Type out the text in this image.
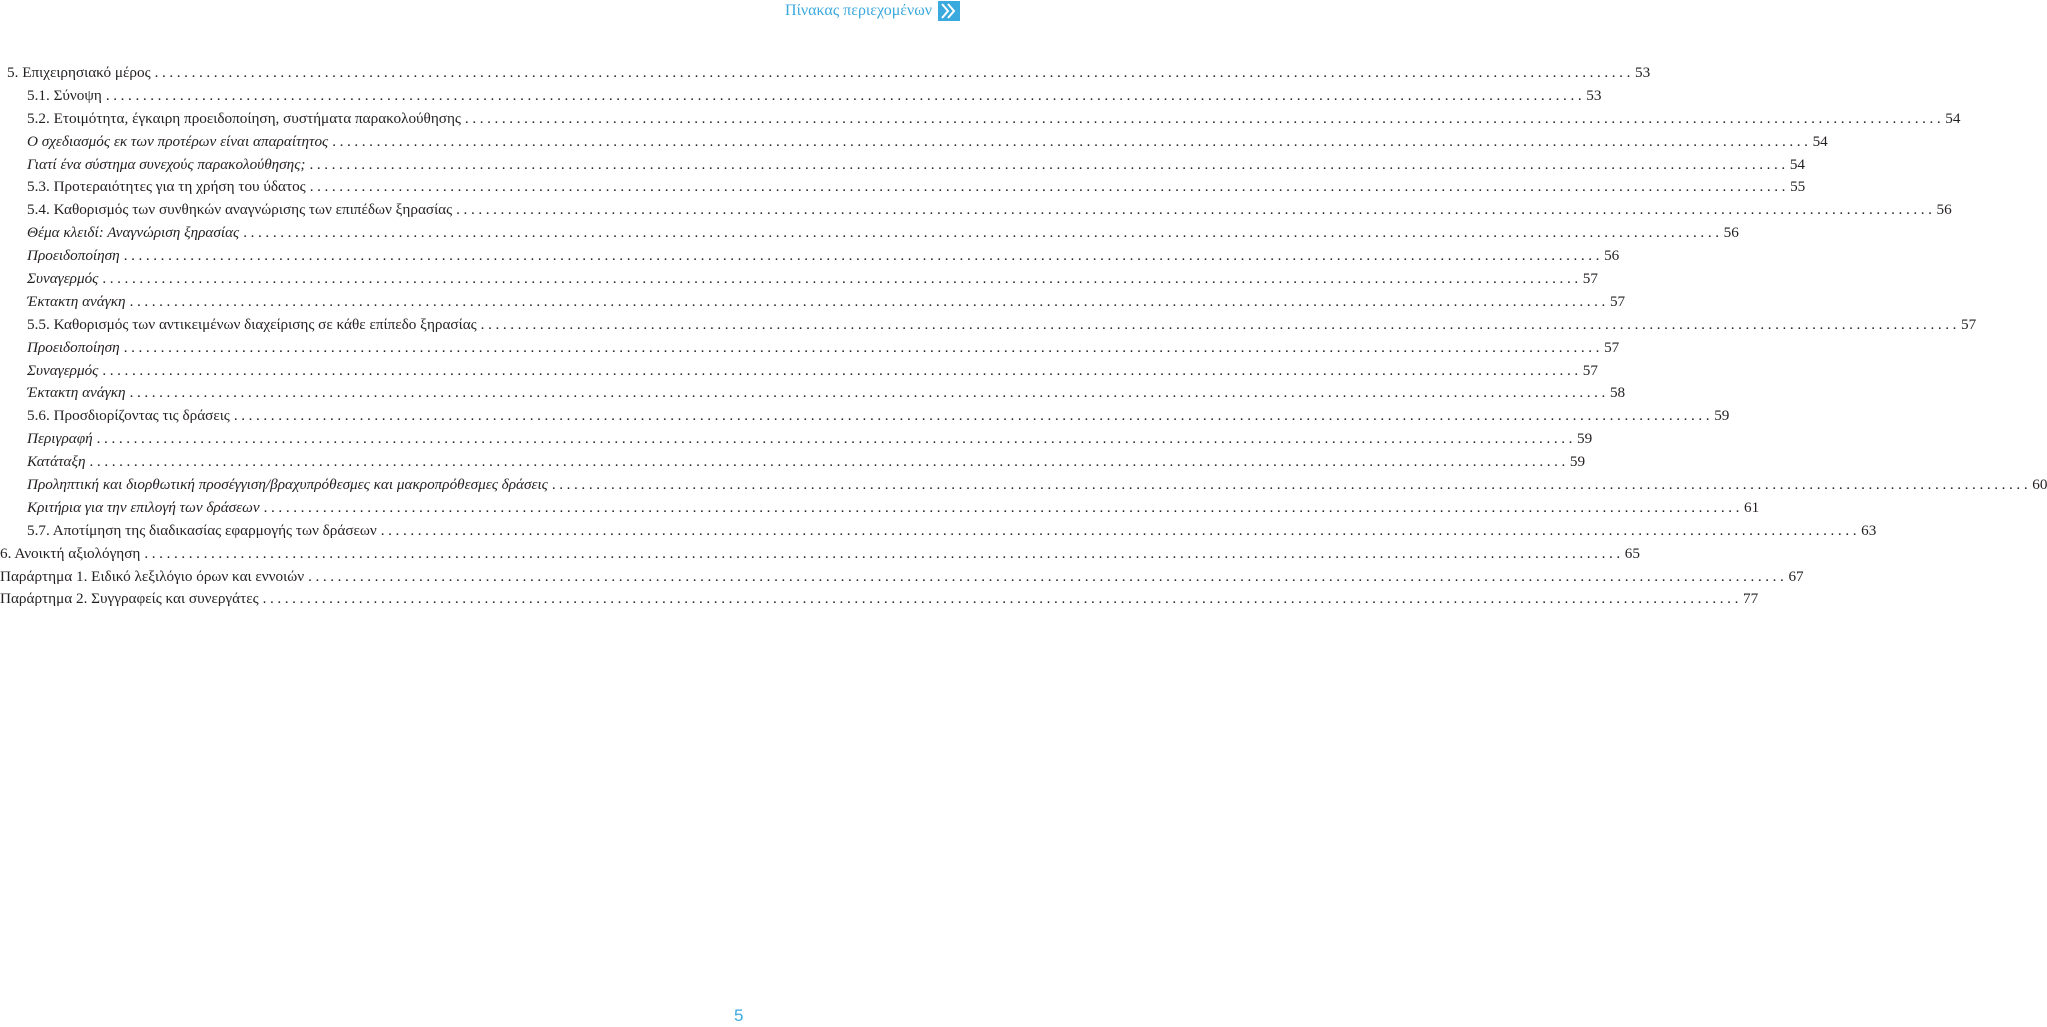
Πίνακας περιεχομένων
5. Επιχειρησιακό μέρος ........................................................................................................................................................................................................ 53
5.1. Σύνοψη ........................................................................................................................................................................................................ 53
5.2. Ετοιμότητα, έγκαιρη προειδοποίηση, συστήματα παρακολούθησης ........................................................................................................................................................................................................ 54
Ο σχεδιασμός εκ των προτέρων είναι απαραίτητος ........................................................................................................................................................................................................ 54
Γιατί ένα σύστημα συνεχούς παρακολούθησης; ........................................................................................................................................................................................................ 54
5.3. Προτεραιότητες για τη χρήση του ύδατος ........................................................................................................................................................................................................ 55
5.4. Καθορισμός των συνθηκών αναγνώρισης των επιπέδων ξηρασίας ........................................................................................................................................................................................................ 56
Θέμα κλειδί: Αναγνώριση ξηρασίας ........................................................................................................................................................................................................ 56
Προειδοποίηση ........................................................................................................................................................................................................ 56
Συναγερμός ........................................................................................................................................................................................................ 57
Έκτακτη ανάγκη ........................................................................................................................................................................................................ 57
5.5. Καθορισμός των αντικειμένων διαχείρισης σε κάθε επίπεδο ξηρασίας ........................................................................................................................................................................................................ 57
Προειδοποίηση ........................................................................................................................................................................................................ 57
Συναγερμός ........................................................................................................................................................................................................ 57
Έκτακτη ανάγκη ........................................................................................................................................................................................................ 58
5.6. Προσδιορίζοντας τις δράσεις ........................................................................................................................................................................................................ 59
Περιγραφή ........................................................................................................................................................................................................ 59
Κατάταξη ........................................................................................................................................................................................................ 59
Προληπτική και διορθωτική προσέγγιση/βραχυπρόθεσμες και μακροπρόθεσμες δράσεις ........................................................................................................................................................................................................ 60
Κριτήρια για την επιλογή των δράσεων ........................................................................................................................................................................................................ 61
5.7. Αποτίμηση της διαδικασίας εφαρμογής των δράσεων ........................................................................................................................................................................................................ 63
6. Ανοικτή αξιολόγηση ........................................................................................................................................................................................................ 65
Παράρτημα 1. Ειδικό λεξιλόγιο όρων και εννοιών ........................................................................................................................................................................................................ 67
Παράρτημα 2. Συγγραφείς και συνεργάτες ........................................................................................................................................................................................................ 77
5
